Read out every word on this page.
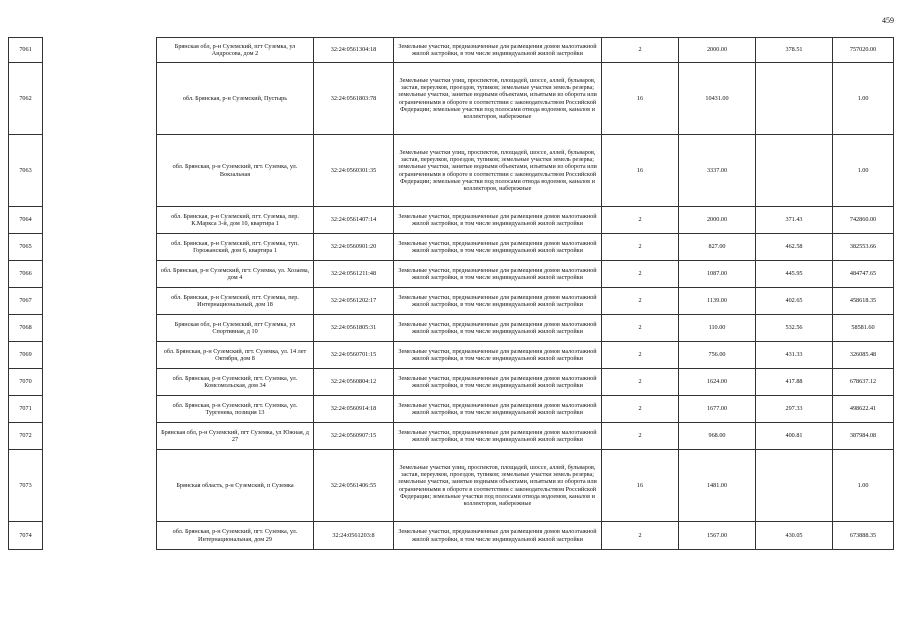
459
7061		Брянская обл, р-н Суземский, пгт Суземка, ул Андросова, дом 2	32:24:0561304:18	Земельные участки, предназначенные для размещения домов малоэтажной жилой застройки, в том числе индивидуальной жилой застройки	2	2000.00	378.51	757020.00
7062		обл. Брянская, р-н Суземский, Пустырь	32:24:0561803:78	Земельные участки улиц, проспектов, площадей, шоссе, аллей, бульваров, застав, переулков, проездов, тупиков; земельные участки земель резерва; земельные участки, занятые водными объектами, изъятыми из оборота или ограниченными в обороте в соответствии с законодательством Российской Федерации; земельные участки под полосами отвода водоемов, каналов и коллекторов, набережные	16	10431.00		1.00
7063		обл. Брянская, р-н Суземский, пгт. Суземка, ул. Вокзальная	32:24:0560301:35	Земельные участки улиц, проспектов, площадей, шоссе, аллей, бульваров, застав, переулков, проездов, тупиков; земельные участки земель резерва; земельные участки, занятые водными объектами, изъятыми из оборота или ограниченными в обороте в соответствии с законодательством Российской Федерации; земельные участки под полосами отвода водоемов, каналов и коллекторов, набережные	16	3337.00		1.00
7064		обл. Брянская, р-н Суземский, пгт. Суземка, пер. К.Маркса 3-й, дом 10, квартира 1	32:24:0561407:14	Земельные участки, предназначенные для размещения домов малоэтажной жилой застройки, в том числе индивидуальной жилой застройки	2	2000.00	371.43	742860.00
7065		обл. Брянская, р-н Суземский, пгт. Суземка, туп. Горожанский, дом 6, квартира 1	32:24:0560901:20	Земельные участки, предназначенные для размещения домов малоэтажной жилой застройки, в том числе индивидуальной жилой застройки	2	827.00	462.58	382553.66
7066		обл. Брянская, р-н Суземский, пгт. Суземка, ул. Хозаева, дом 4	32:24:0561211:48	Земельные участки, предназначенные для размещения домов малоэтажной жилой застройки, в том числе индивидуальной жилой застройки	2	1087.00	445.95	484747.65
7067		обл. Брянская, р-н Суземский, пгт. Суземка, пер. Интернациональный, дом 18	32:24:0561202:17	Земельные участки, предназначенные для размещения домов малоэтажной жилой застройки, в том числе индивидуальной жилой застройки	2	1139.00	402.65	458618.35
7068		Брянская обл, р-н Суземский, пгт Суземка, ул Спортивная, д 10	32:24:0561805:31	Земельные участки, предназначенные для размещения домов малоэтажной жилой застройки, в том числе индивидуальной жилой застройки	2	110.00	532.56	58581.60
7069		обл. Брянская, р-н Суземский, пгт. Суземка, ул. 14 лет Октября, дом 8	32:24:0560701:15	Земельные участки, предназначенные для размещения домов малоэтажной жилой застройки, в том числе индивидуальной жилой застройки	2	756.00	431.33	326085.48
7070		обл. Брянская, р-н Суземский, пгт. Суземка, ул. Комсомольская, дом 34	32:24:0560804:12	Земельные участки, предназначенные для размещения домов малоэтажной жилой застройки, в том числе индивидуальной жилой застройки	2	1624.00	417.88	678637.12
7071		обл. Брянская, р-н Суземский, пгт. Суземка, ул. Тургенева, позиция 13	32:24:0560914:18	Земельные участки, предназначенные для размещения домов малоэтажной жилой застройки, в том числе индивидуальной жилой застройки	2	1677.00	297.33	498622.41
7072		Брянская обл, р-н Суземский, пгт Суземка, ул Южная, д 27	32:24:0560907:15	Земельные участки, предназначенные для размещения домов малоэтажной жилой застройки, в том числе индивидуальной жилой застройки	2	968.00	400.81	387984.08
7073		Брянская область, р-н Суземский, п Суземка	32:24:0561406:55	Земельные участки улиц, проспектов, площадей, шоссе, аллей, бульваров, застав, переулков, проездов, тупиков; земельные участки земель резерва; земельные участки, занятые водными объектами, изъятыми из оборота или ограниченными в обороте в соответствии с законодательством Российской Федерации; земельные участки под полосами отвода водоемов, каналов и коллекторов, набережные	16	1481.00		1.00
7074		обл. Брянская, р-н Суземский, пгт. Суземка, ул. Интернациональная, дом 29	32:24:0561203:8	Земельные участки, предназначенные для размещения домов малоэтажной жилой застройки, в том числе индивидуальной жилой застройки	2	1567.00	430.05	673888.35
